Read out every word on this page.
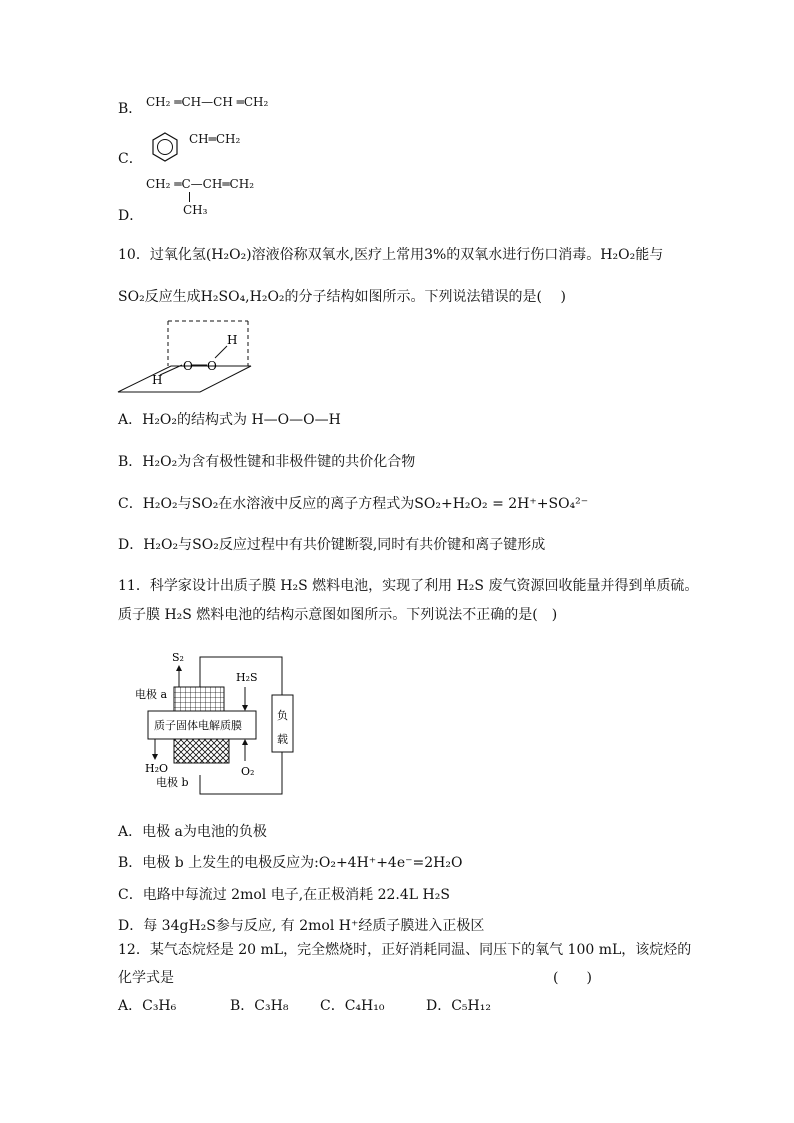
B． CH₂ ═CH—CH ═CH₂
C．
CH═CH₂
CH₂ ═C—CH═CH₂
CH₃
D．
10．过氧化氢(H₂O₂)溶液俗称双氧水,医疗上常用3%的双氧水进行伤口消毒。H₂O₂能与
SO₂反应生成H₂SO₄,H₂O₂的分子结构如图所示。下列说法错误的是(　 )
H
O O
H
A．H₂O₂的结构式为 H—O—O—H
B．H₂O₂为含有极性键和非极件键的共价化合物
C．H₂O₂与SO₂在水溶液中反应的离子方程式为SO₂+H₂O₂ = 2H⁺+SO₄²⁻
D．H₂O₂与SO₂反应过程中有共价键断裂,同时有共价键和离子键形成
11．科学家设计出质子膜 H₂S 燃料电池，实现了利用 H₂S 废气资源回收能量并得到单质硫。
质子膜 H₂S 燃料电池的结构示意图如图所示。下列说法不正确的是(　)
负
载
质子固体电解质膜
S₂
H₂S
电极 a
H₂O
电极 b
O₂
A．电极 a为电池的负极
B．电极 b 上发生的电极反应为:O₂+4H⁺+4e⁻=2H₂O
C．电路中每流过 2mol 电子,在正极消耗 22.4L H₂S
D．每 34gH₂S参与反应, 有 2mol H⁺经质子膜进入正极区
12．某气态烷烃是 20 mL，完全燃烧时，正好消耗同温、同压下的氧气 100 mL，该烷烃的
化学式是	(　　)
A．C₃H₆	B．C₃H₈ C．C₄H₁₀	D．C₅H₁₂
